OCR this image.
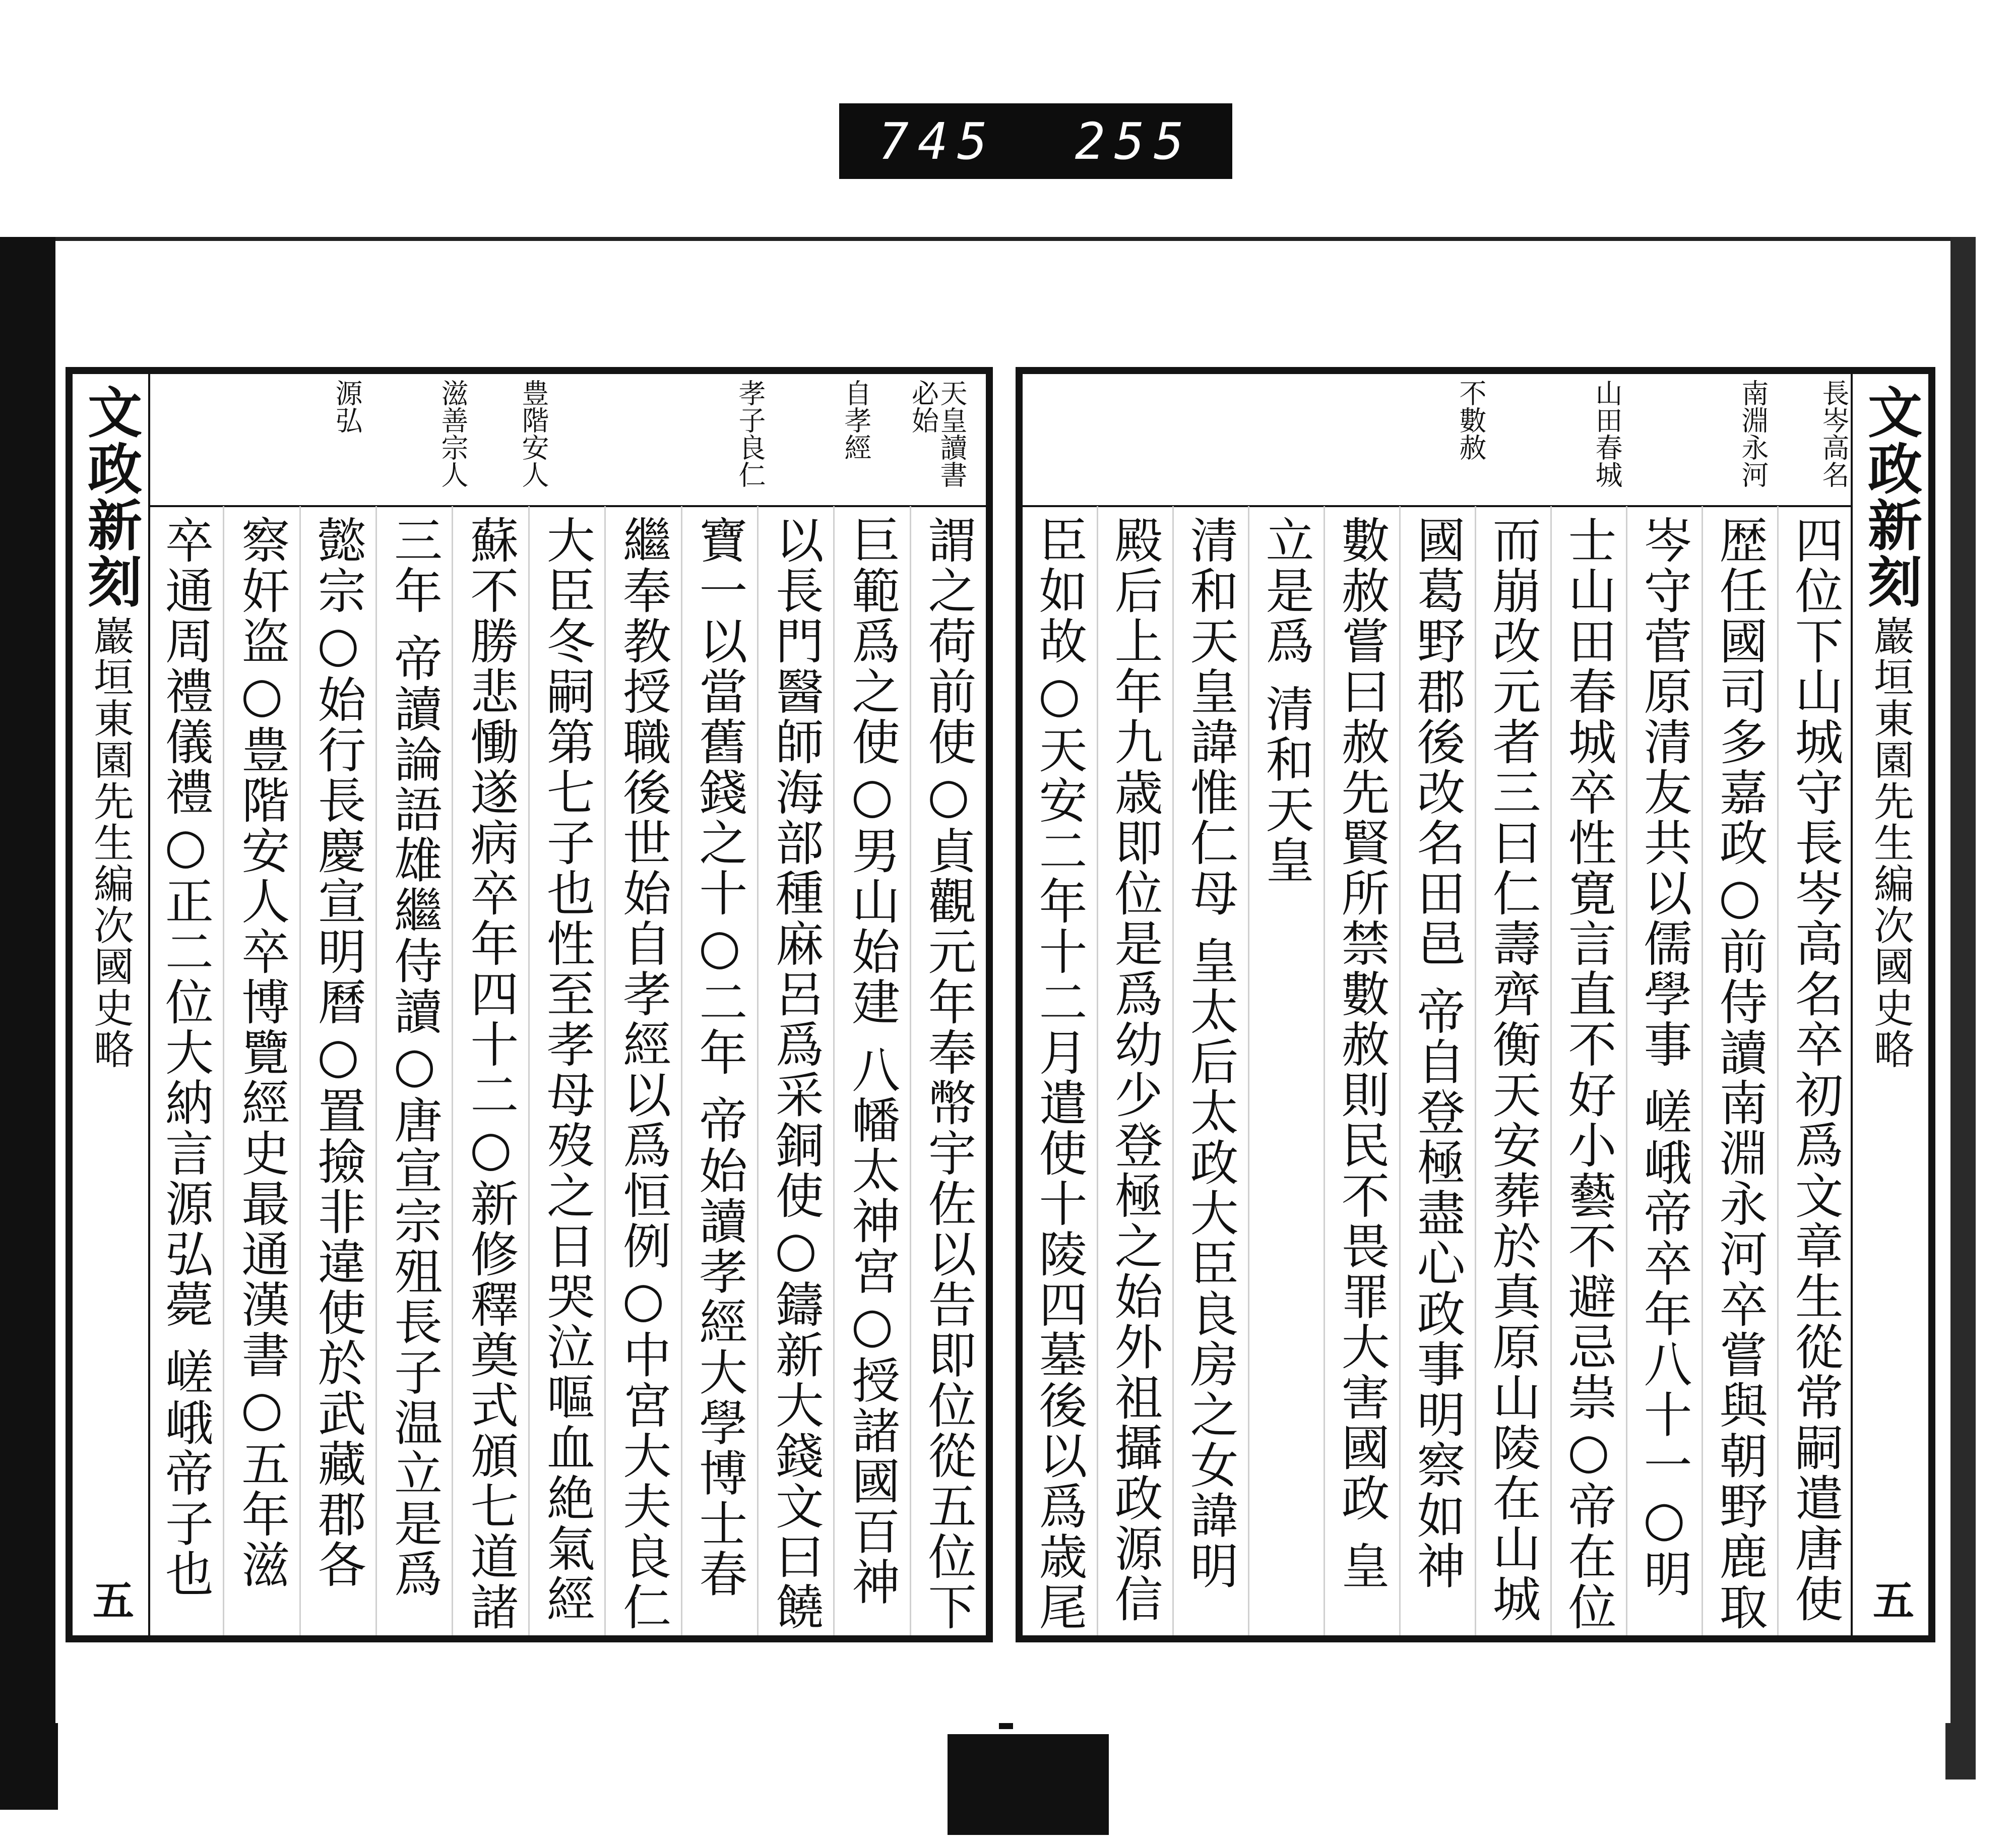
745 255
文政新刻
巖垣東園先生編次國史略
五
天皇讀書必始
自孝經
孝子良仁
豊階安人
滋善宗人
源弘
謂之荷前使○貞觀元年奉幣宇佐以告即位從五位下
巨範爲之使○男山始建 八幡太神宮○授諸國百神
以長門醫師海部種麻呂爲采銅使○鑄新大錢文曰饒
寶一以當舊錢之十○二年 帝始讀孝經大學博士春
繼奉教授職後世始自孝經以爲恒例○中宮大夫良仁
大臣冬嗣第七子也性至孝母歿之日哭泣嘔血絶氣經
蘇不勝悲慟遂病卒年四十二○新修釋奠式頒七道諸
三年 帝讀論語雄繼侍讀○唐宣宗殂長子温立是爲
懿宗○始行長慶宣明曆○置撿非違使於武藏郡各
察奸盗○豊階安人卒博覽經史最通漢書○五年滋
卒通周禮儀禮○正二位大納言源弘薨 嵯峨帝子也
文政新刻
巖垣東園先生編次國史略
五
長岑高名
南淵永河
山田春城
不數赦
四位下山城守長岑高名卒初爲文章生從常嗣遣唐使
歴任國司多嘉政○前侍讀南淵永河卒嘗與朝野鹿取
岑守菅原清友共以儒學事 嵯峨帝卒年八十一○明
士山田春城卒性寛言直不好小藝不避忌祟○帝在位
而崩改元者三曰仁壽齊衡天安葬於真原山陵在山城
國葛野郡後改名田邑 帝自登極盡心政事明察如神
數赦嘗曰赦先賢所禁數赦則民不畏罪大害國政 皇
立是爲 清和天皇
清和天皇諱惟仁母 皇太后太政大臣良房之女諱明
殿后上年九歳即位是爲幼少登極之始外祖攝政源信
臣如故○天安二年十二月遣使十陵四墓後以爲歳尾
